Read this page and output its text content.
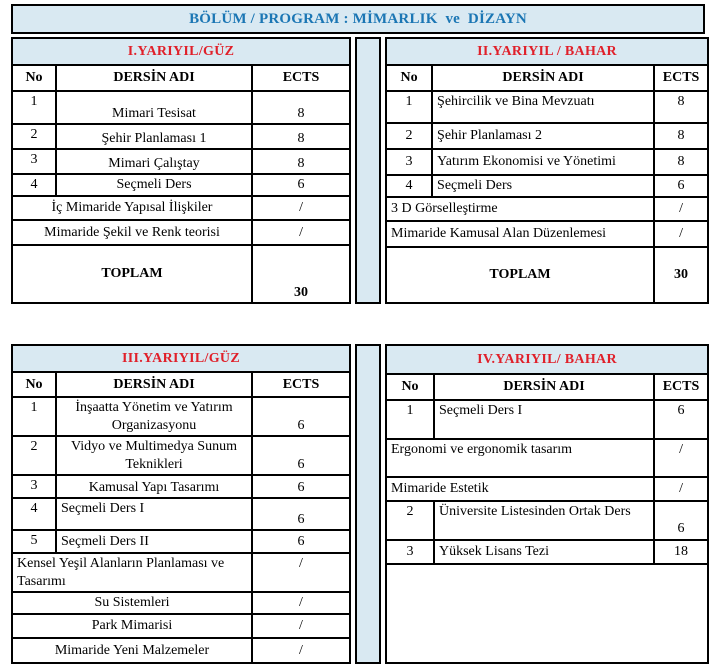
BÖLÜM / PROGRAM : MİMARLIK  ve  DİZAYN
I.YARIYIL/GÜZ		
No	DERSİN ADI	ECTS
1	Mimari Tesisat	8
2	Şehir Planlaması 1	8
3	Mimari Çalıştay	8
4	Seçmeli Ders	6
İç Mimaride Yapısal İlişkiler		/
Mimaride Şekil ve Renk teorisi		/
TOPLAM		30
II.YARIYIL / BAHAR		
No	DERSİN ADI	ECTS
1	Şehircilik ve Bina Mevzuatı	8
2	Şehir Planlaması 2	8
3	Yatırım Ekonomisi ve Yönetimi	8
4	Seçmeli Ders	6
3 D Görselleştirme		/
Mimaride Kamusal Alan Düzenlemesi		/
TOPLAM		30
III.YARIYIL/GÜZ		
No	DERSİN ADI	ECTS
1	İnşaatta Yönetim ve Yatırım Organizasyonu	6
2	Vidyo ve Multimedya Sunum Teknikleri	6
3	Kamusal Yapı Tasarımı	6
4	Seçmeli Ders I	6
5	Seçmeli Ders II	6
Kensel Yeşil Alanların Planlaması ve Tasarımı		/
Su Sistemleri		/
Park Mimarisi		/
Mimaride Yeni Malzemeler		/
IV.YARIYIL/ BAHAR		
No	DERSİN ADI	ECTS
1	Seçmeli Ders I	6
Ergonomi ve ergonomik tasarım		/
Mimaride Estetik		/
2	Üniversite Listesinden Ortak Ders	6
3	Yüksek Lisans Tezi	18
